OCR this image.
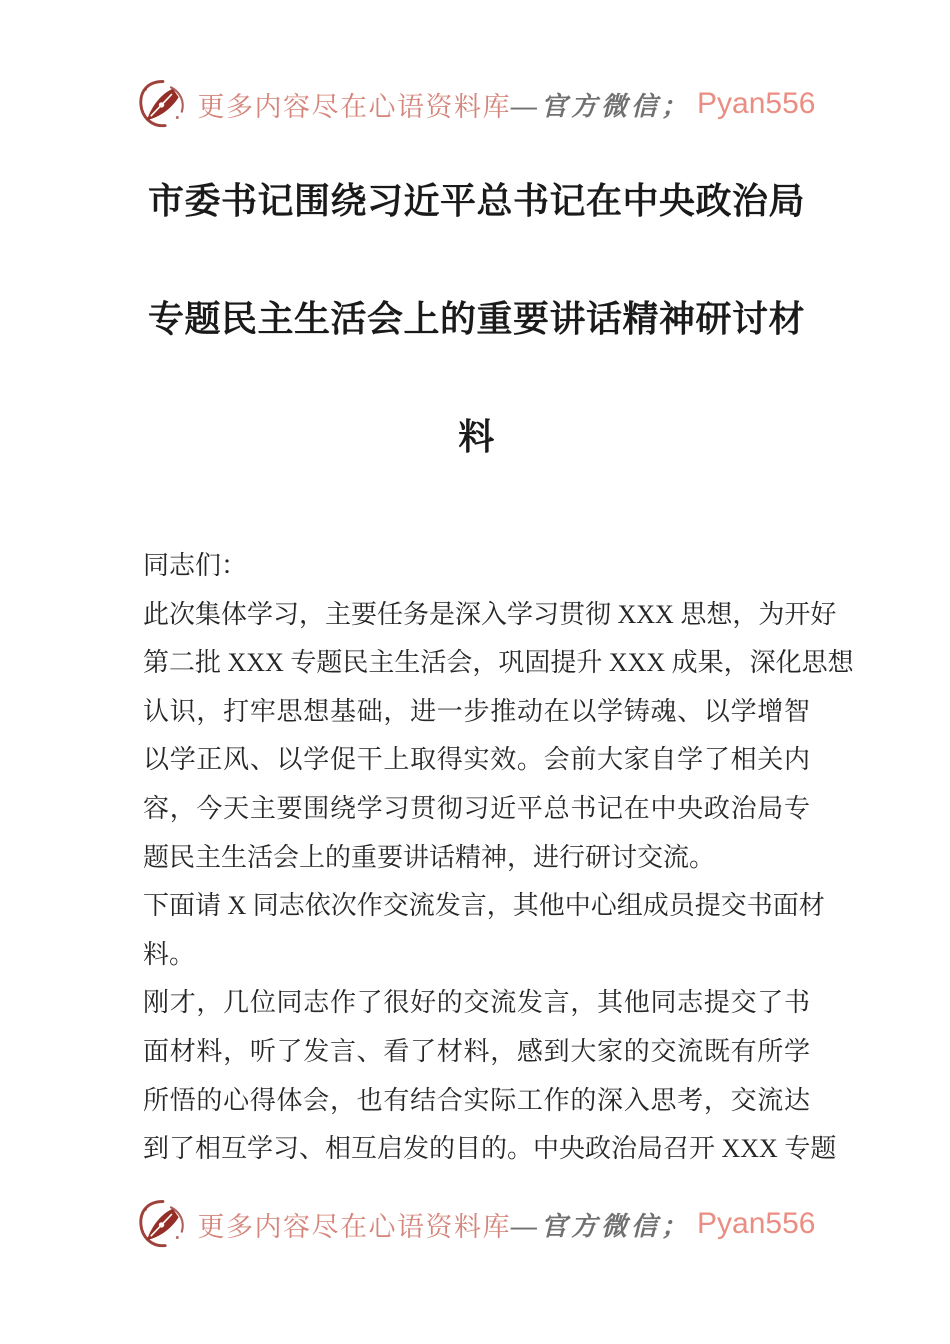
更多内容尽在心语资料库 —官方微信； Pyan556
市委书记围绕习近平总书记在中央政治局
专题民主生活会上的重要讲话精神研讨材
料
同志们：
此次集体学习，主要任务是深入学习贯彻 XXX 思想，为开好
第二批 XXX 专题民主生活会，巩固提升 XXX 成果，深化思想
认识，打牢思想基础，进一步推动在以学铸魂、以学增智
以学正风、以学促干上取得实效。会前大家自学了相关内
容，今天主要围绕学习贯彻习近平总书记在中央政治局专
题民主生活会上的重要讲话精神，进行研讨交流。
下面请 X 同志依次作交流发言，其他中心组成员提交书面材
料。
刚才，几位同志作了很好的交流发言，其他同志提交了书
面材料，听了发言、看了材料，感到大家的交流既有所学
所悟的心得体会，也有结合实际工作的深入思考，交流达
到了相互学习、相互启发的目的。中央政治局召开 XXX 专题
更多内容尽在心语资料库 —官方微信； Pyan556
